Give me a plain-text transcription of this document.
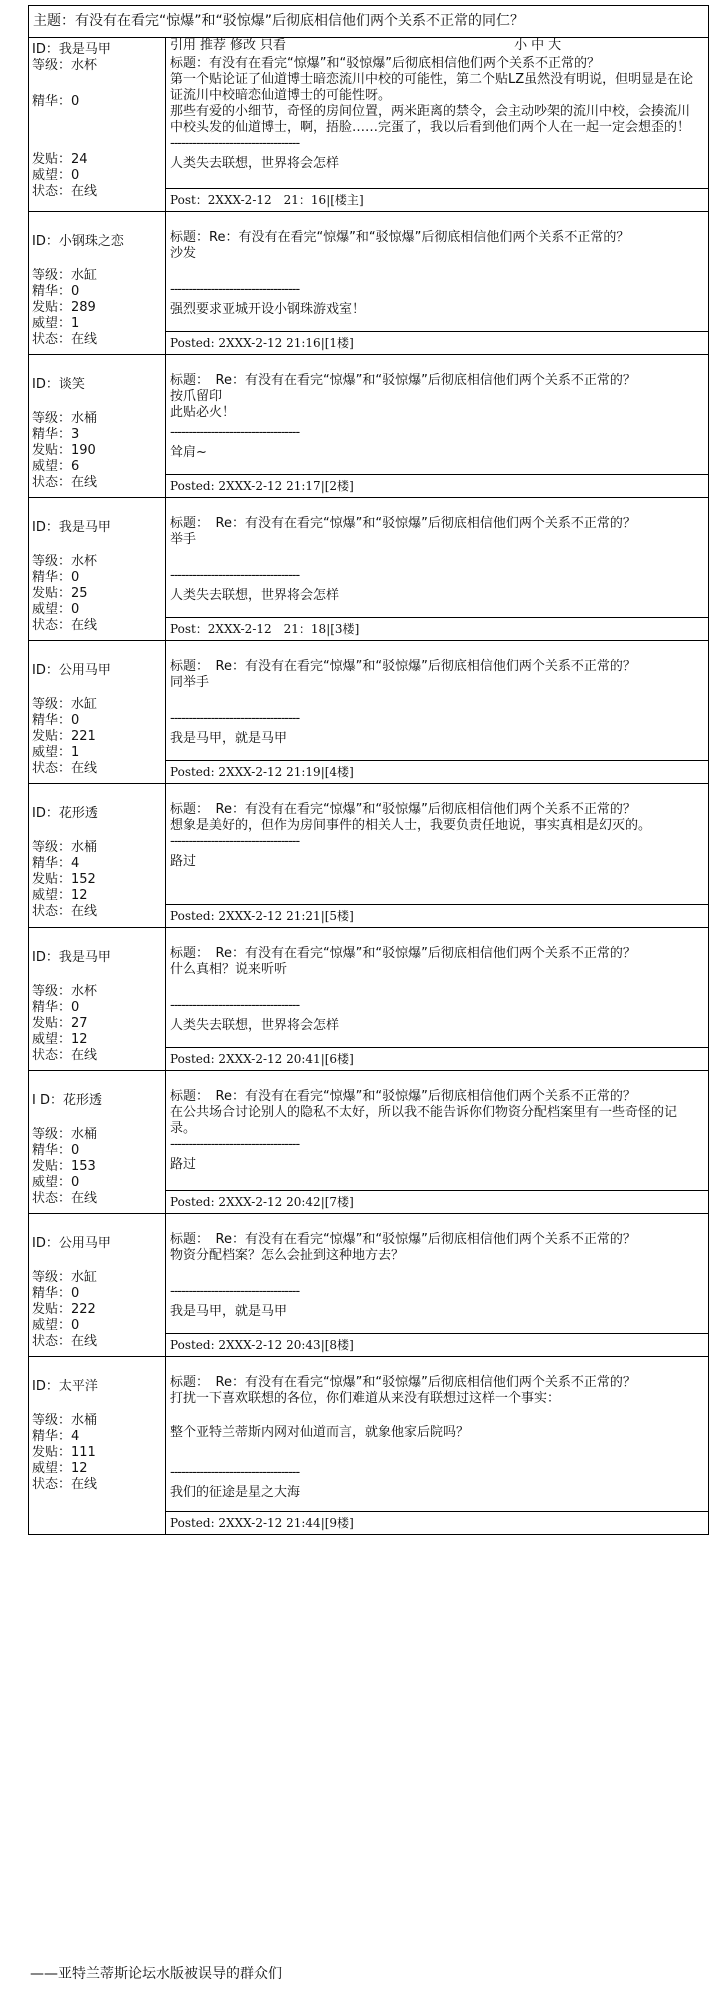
主题：有没有在看完“惊爆”和“驳惊爆”后彻底相信他们两个关系不正常的同仁？
ID：我是马甲
等级：水杯
精华：0
发贴：24
威望：0
状态：在线
引用 推荐 修改 只看	小 中 大
标题：有没有在看完“惊爆”和“驳惊爆”后彻底相信他们两个关系不正常的？
第一个贴论证了仙道博士暗恋流川中校的可能性，第二个贴LZ虽然没有明说，但明显是在论证流川中校暗恋仙道博士的可能性呀。
那些有爱的小细节，奇怪的房间位置，两米距离的禁令，会主动吵架的流川中校，会揍流川中校头发的仙道博士，啊，捂脸……完蛋了，我以后看到他们两个人在一起一定会想歪的！
-----------------------------------
人类失去联想，世界将会怎样
Post：2XXX-2-12　21：16|[楼主]
ID：小钢珠之恋
等级：水缸
精华：0
发贴：289
威望：1
状态：在线
标题：Re：有没有在看完“惊爆”和“驳惊爆”后彻底相信他们两个关系不正常的？
沙发
-----------------------------------
强烈要求亚城开设小钢珠游戏室！
Posted: 2XXX-2-12 21:16|[1楼]
ID：谈笑
等级：水桶
精华：3
发贴：190
威望：6
状态：在线
标题：　Re：有没有在看完“惊爆”和“驳惊爆”后彻底相信他们两个关系不正常的？
按爪留印
此贴必火！
-----------------------------------
耸肩~
Posted: 2XXX-2-12 21:17|[2楼]
ID：我是马甲
等级：水杯
精华：0
发贴：25
威望：0
状态：在线
标题：　Re：有没有在看完“惊爆”和“驳惊爆”后彻底相信他们两个关系不正常的？
举手
-----------------------------------
人类失去联想，世界将会怎样
Post：2XXX-2-12　21：18|[3楼]
ID：公用马甲
等级：水缸
精华：0
发贴：221
威望：1
状态：在线
标题：　Re：有没有在看完“惊爆”和“驳惊爆”后彻底相信他们两个关系不正常的？
同举手
-----------------------------------
我是马甲，就是马甲
Posted: 2XXX-2-12 21:19|[4楼]
ID：花形透
等级：水桶
精华：4
发贴：152
威望：12
状态：在线
标题：　Re：有没有在看完“惊爆”和“驳惊爆”后彻底相信他们两个关系不正常的？
想象是美好的，但作为房间事件的相关人士，我要负责任地说，事实真相是幻灭的。
-----------------------------------
路过
Posted: 2XXX-2-12 21:21|[5楼]
ID：我是马甲
等级：水杯
精华：0
发贴：27
威望：12
状态：在线
标题：　Re：有没有在看完“惊爆”和“驳惊爆”后彻底相信他们两个关系不正常的？
什么真相？说来听听
-----------------------------------
人类失去联想，世界将会怎样
Posted: 2XXX-2-12 20:41|[6楼]
I D：花形透
等级：水桶
精华：0
发贴：153
威望：0
状态：在线
标题：　Re：有没有在看完“惊爆”和“驳惊爆”后彻底相信他们两个关系不正常的？
在公共场合讨论别人的隐私不太好，所以我不能告诉你们物资分配档案里有一些奇怪的记录。
-----------------------------------
路过
Posted: 2XXX-2-12 20:42|[7楼]
ID：公用马甲
等级：水缸
精华：0
发贴：222
威望：0
状态：在线
标题：　Re：有没有在看完“惊爆”和“驳惊爆”后彻底相信他们两个关系不正常的？
物资分配档案？怎么会扯到这种地方去？
-----------------------------------
我是马甲，就是马甲
Posted: 2XXX-2-12 20:43|[8楼]
ID：太平洋
等级：水桶
精华：4
发贴：111
威望：12
状态：在线
标题：　Re：有没有在看完“惊爆”和“驳惊爆”后彻底相信他们两个关系不正常的？
打扰一下喜欢联想的各位，你们难道从来没有联想过这样一个事实：
整个亚特兰蒂斯内网对仙道而言，就象他家后院吗？
-----------------------------------
我们的征途是星之大海
Posted: 2XXX-2-12 21:44|[9楼]
——亚特兰蒂斯论坛水版被误导的群众们
